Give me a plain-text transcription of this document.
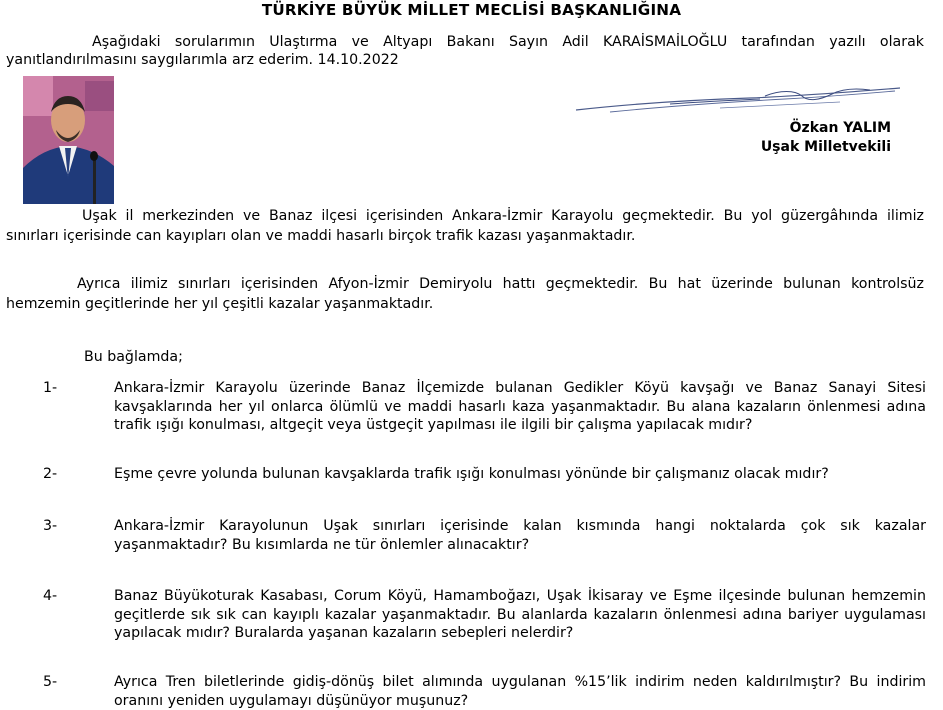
TÜRKİYE BÜYÜK MİLLET MECLİSİ BAŞKANLIĞINA
Aşağıdaki sorularımın Ulaştırma ve Altyapı Bakanı Sayın Adil KARAİSMAİLOĞLU tarafından yazılı olarak yanıtlandırılmasını saygılarımla arz ederim. 14.10.2022
Özkan YALIM
Uşak Milletvekili
Uşak il merkezinden ve Banaz ilçesi içerisinden Ankara-İzmir Karayolu geçmektedir. Bu yol güzergâhında ilimiz sınırları içerisinde can kayıpları olan ve maddi hasarlı birçok trafik kazası yaşanmaktadır.
Ayrıca ilimiz sınırları içerisinden Afyon-İzmir Demiryolu hattı geçmektedir. Bu hat üzerinde bulunan kontrolsüz hemzemin geçitlerinde her yıl çeşitli kazalar yaşanmaktadır.
Bu bağlamda;
1-	Ankara-İzmir Karayolu üzerinde Banaz İlçemizde bulanan Gedikler Köyü kavşağı ve Banaz Sanayi Sitesi kavşaklarında her yıl onlarca ölümlü ve maddi hasarlı kaza yaşanmaktadır. Bu alana kazaların önlenmesi adına trafik ışığı konulması, altgeçit veya üstgeçit yapılması ile ilgili bir çalışma yapılacak mıdır?
2-	Eşme çevre yolunda bulunan kavşaklarda trafik ışığı konulması yönünde bir çalışmanız olacak mıdır?
3-	Ankara-İzmir Karayolunun Uşak sınırları içerisinde kalan kısmında hangi noktalarda çok sık kazalar yaşanmaktadır? Bu kısımlarda ne tür önlemler alınacaktır?
4-	Banaz Büyükoturak Kasabası, Corum Köyü, Hamamboğazı, Uşak İkisaray ve Eşme ilçesinde bulunan hemzemin geçitlerde sık sık can kayıplı kazalar yaşanmaktadır. Bu alanlarda kazaların önlenmesi adına bariyer uygulaması yapılacak mıdır? Buralarda yaşanan kazaların sebepleri nelerdir?
5-	Ayrıca Tren biletlerinde gidiş-dönüş bilet alımında uygulanan %15’lik indirim neden kaldırılmıştır? Bu indirim oranını yeniden uygulamayı düşünüyor muşunuz?
